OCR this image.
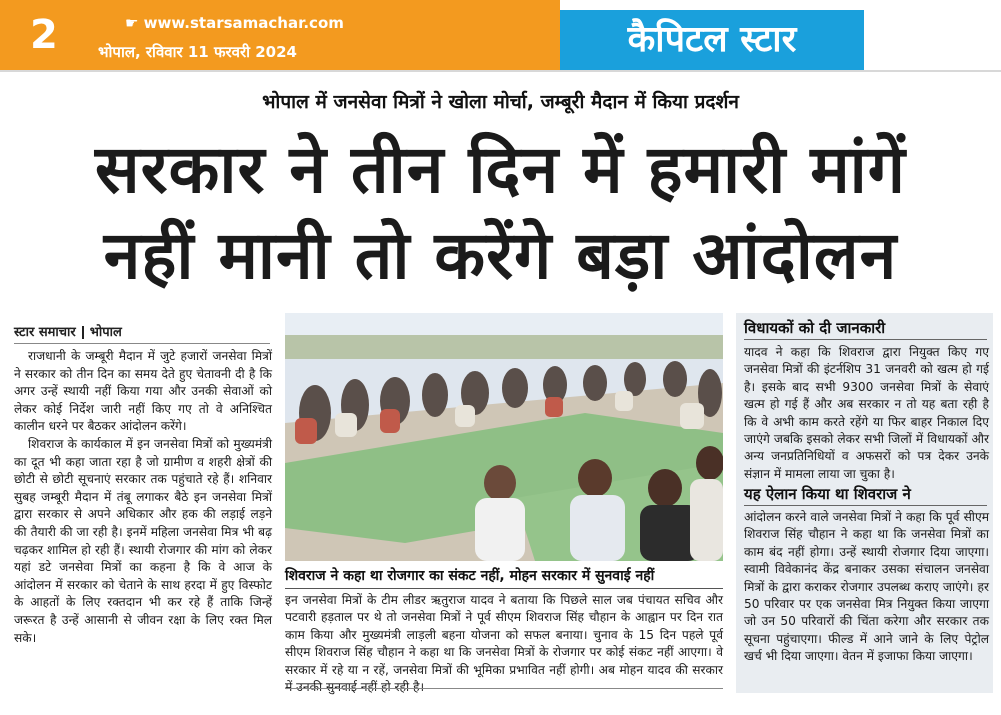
2	☛ www.starsamachar.com
भोपाल, रविवार 11 फरवरी 2024	कैपिटल स्टार
भोपाल में जनसेवा मित्रों ने खोला मोर्चा, जम्बूरी मैदान में किया प्रदर्शन
सरकार ने तीन दिन में हमारी मांगें
नहीं मानी तो करेंगे बड़ा आंदोलन
स्टार समाचार भोपाल

राजधानी के जम्बूरी मैदान में जुटे हजारों जनसेवा मित्रों ने सरकार को तीन दिन का समय देते हुए चेतावनी दी है कि अगर उन्हें स्थायी नहीं किया गया और उनकी सेवाओं को लेकर कोई निर्देश जारी नहीं किए गए तो वे अनिश्चित कालीन धरने पर बैठकर आंदोलन करेंगे।

शिवराज के कार्यकाल में इन जनसेवा मित्रों को मुख्यमंत्री का दूत भी कहा जाता रहा है जो ग्रामीण व शहरी क्षेत्रों की छोटी से छोटी सूचनाएं सरकार तक पहुंचाते रहे हैं। शनिवार सुबह जम्बूरी मैदान में तंबू लगाकर बैठे इन जनसेवा मित्रों द्वारा सरकार से अपने अधिकार और हक की लड़ाई लड़ने की तैयारी की जा रही है। इनमें महिला जनसेवा मित्र भी बढ़ चढ़कर शामिल हो रही हैं। स्थायी रोजगार की मांग को लेकर यहां डटे जनसेवा मित्रों का कहना है कि वे आज के आंदोलन में सरकार को चेताने के साथ हरदा में हुए विस्फोट के आहतों के लिए रक्तदान भी कर रहे हैं ताकि जिन्हें जरूरत है उन्हें आसानी से जीवन रक्षा के लिए रक्त मिल सके।

शिवराज ने कहा था रोजगार का संकट नहीं, मोहन सरकार में सुनवाई नहीं

इन जनसेवा मित्रों के टीम लीडर ऋतुराज यादव ने बताया कि पिछले साल जब पंचायत सचिव और पटवारी हड़ताल पर थे तो जनसेवा मित्रों ने पूर्व सीएम शिवराज सिंह चौहान के आह्वान पर दिन रात काम किया और मुख्यमंत्री लाड़ली बहना योजना को सफल बनाया। चुनाव के 15 दिन पहले पूर्व सीएम शिवराज सिंह चौहान ने कहा था कि जनसेवा मित्रों के रोजगार पर कोई संकट नहीं आएगा। वे सरकार में रहे या न रहें, जनसेवा मित्रों की भूमिका प्रभावित नहीं होगी। अब मोहन यादव की सरकार

विधायकों को दी जानकारी
यादव ने कहा कि शिवराज द्वारा नियुक्त किए गए जनसेवा मित्रों की इंटर्नशिप 31 जनवरी को खत्म हो गई है। इसके बाद सभी 9300 जनसेवा मित्रों के सेवाएं खत्म हो गई हैं और अब सरकार न तो यह बता रही है कि वे अभी काम करते रहेंगे या फिर बाहर निकाल दिए जाएंगे जबकि इसको लेकर सभी जिलों में विधायकों और अन्य जनप्रतिनिधियों व अफसरों को पत्र देकर उनके संज्ञान में मामला लाया जा चुका है।
यह ऐलान किया था शिवराज ने
आंदोलन करने वाले जनसेवा मित्रों ने कहा कि पूर्व सीएम शिवराज सिंह चौहान ने कहा था कि जनसेवा मित्रों का काम बंद नहीं होगा। उन्हें स्थायी रोजगार दिया जाएगा। स्वामी विवेकानंद केंद्र बनाकर उसका संचालन जनसेवा मित्रों के द्वारा कराकर रोजगार उपलब्ध कराए जाएंगे। हर 50 परिवार पर एक जनसेवा मित्र नियुक्त किया जाएगा जो उन 50 परिवारों की चिंता करेगा और सरकार तक सूचना पहुंचाएगा। फील्ड में आने जाने के लिए पेट्रोल खर्च भी दिया जाएगा। वेतन में इजाफा किया जाएगा।
